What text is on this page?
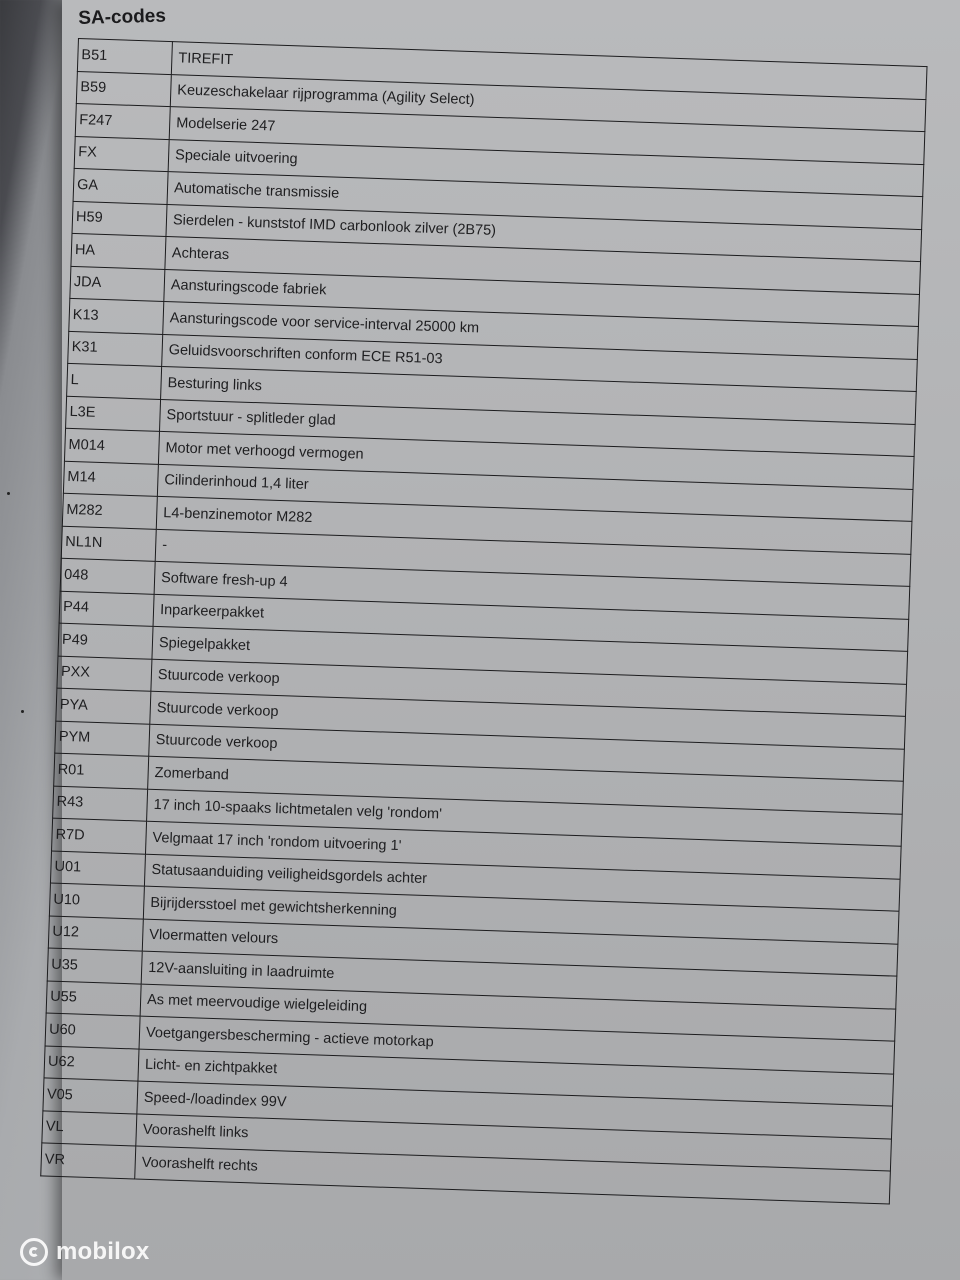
SA-codes
B51	TIREFIT
B59	Keuzeschakelaar rijprogramma (Agility Select)
F247	Modelserie 247
FX	Speciale uitvoering
GA	Automatische transmissie
H59	Sierdelen - kunststof IMD carbonlook zilver (2B75)
HA	Achteras
JDA	Aansturingscode fabriek
K13	Aansturingscode voor service-interval 25000 km
K31	Geluidsvoorschriften conform ECE R51-03
L	Besturing links
L3E	Sportstuur - splitleder glad
M014	Motor met verhoogd vermogen
M14	Cilinderinhoud 1,4 liter
M282	L4-benzinemotor M282
NL1N	-
048	Software fresh-up 4
P44	Inparkeerpakket
P49	Spiegelpakket
PXX	Stuurcode verkoop
PYA	Stuurcode verkoop
PYM	Stuurcode verkoop
R01	Zomerband
R43	17 inch 10-spaaks lichtmetalen velg 'rondom'
R7D	Velgmaat 17 inch 'rondom uitvoering 1'
U01	Statusaanduiding veiligheidsgordels achter
U10	Bijrijdersstoel met gewichtsherkenning
U12	Vloermatten velours
U35	12V-aansluiting in laadruimte
U55	As met meervoudige wielgeleiding
U60	Voetgangersbescherming - actieve motorkap
U62	Licht- en zichtpakket
V05	Speed-/loadindex 99V
VL	Voorashelft links
VR	Voorashelft rechts
mobilox
